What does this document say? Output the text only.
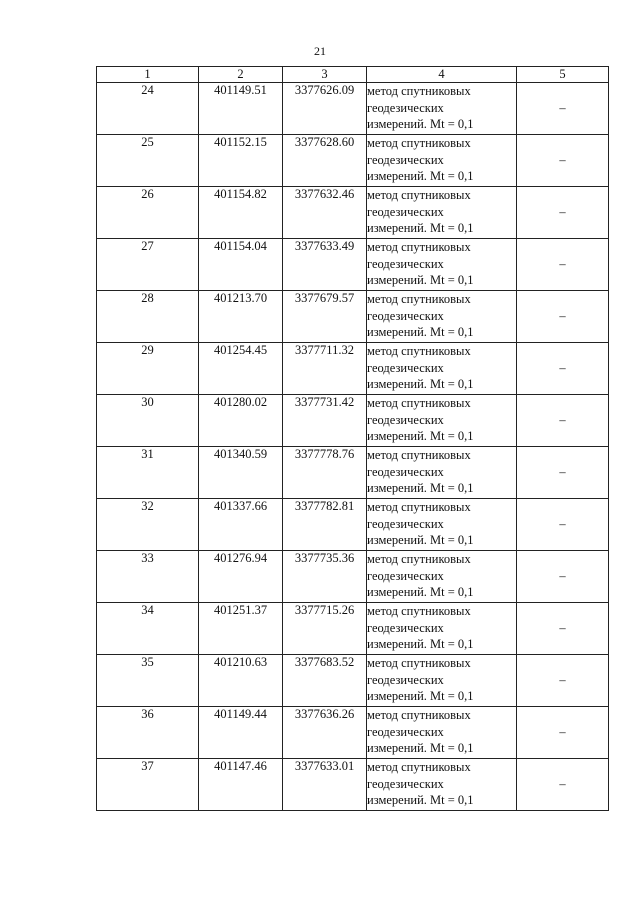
21
1	2	3	4	5
24	401149.51	3377626.09	метод спутниковых
геодезических
измерений. Mt = 0,1	–
25	401152.15	3377628.60	метод спутниковых
геодезических
измерений. Mt = 0,1	–
26	401154.82	3377632.46	метод спутниковых
геодезических
измерений. Mt = 0,1	–
27	401154.04	3377633.49	метод спутниковых
геодезических
измерений. Mt = 0,1	–
28	401213.70	3377679.57	метод спутниковых
геодезических
измерений. Mt = 0,1	–
29	401254.45	3377711.32	метод спутниковых
геодезических
измерений. Mt = 0,1	–
30	401280.02	3377731.42	метод спутниковых
геодезических
измерений. Mt = 0,1	–
31	401340.59	3377778.76	метод спутниковых
геодезических
измерений. Mt = 0,1	–
32	401337.66	3377782.81	метод спутниковых
геодезических
измерений. Mt = 0,1	–
33	401276.94	3377735.36	метод спутниковых
геодезических
измерений. Mt = 0,1	–
34	401251.37	3377715.26	метод спутниковых
геодезических
измерений. Mt = 0,1	–
35	401210.63	3377683.52	метод спутниковых
геодезических
измерений. Mt = 0,1	–
36	401149.44	3377636.26	метод спутниковых
геодезических
измерений. Mt = 0,1	–
37	401147.46	3377633.01	метод спутниковых
геодезических
измерений. Mt = 0,1	–
